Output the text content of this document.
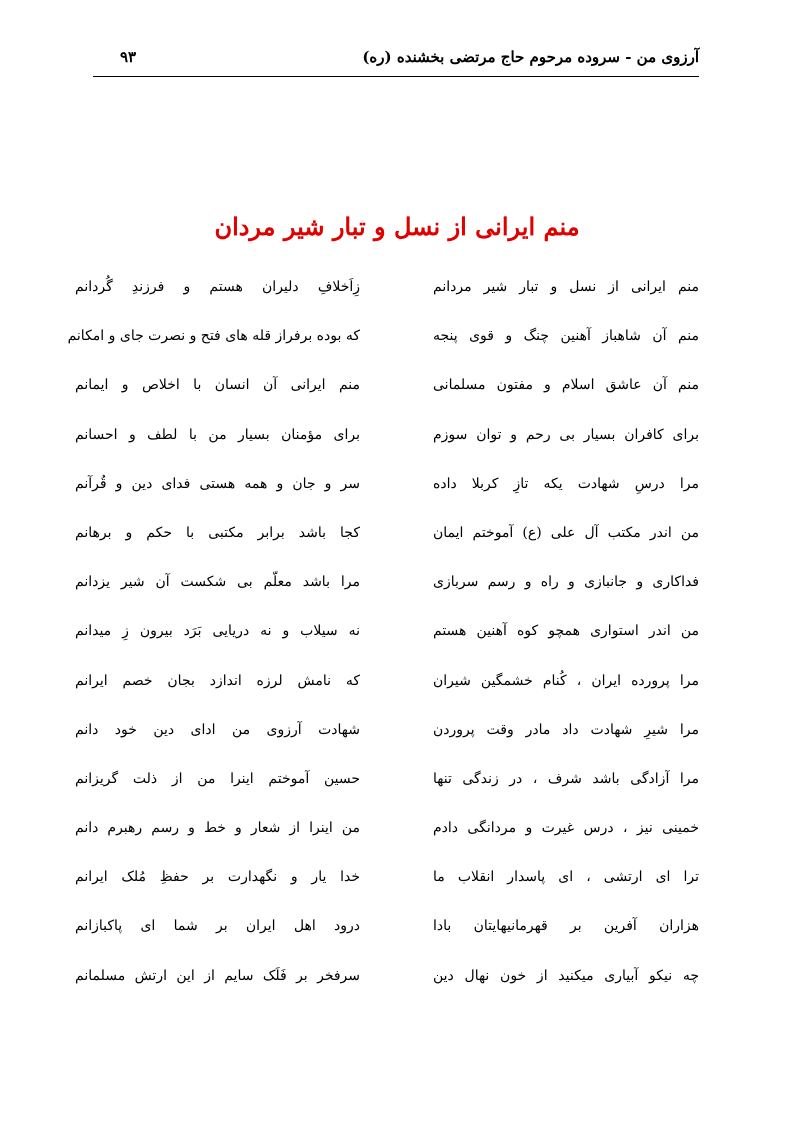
آرزوی من - سروده مرحوم حاج مرتضی بخشنده (ره)
۹۳
منم ایرانی از نسل و تبار شیر مردان
منم ایرانی از نسل و تبار شیر مردانم
زِاَخلافِ دلیران هستم و فرزندِ گُردانم
منم آن شاهباز آهنین چنگ و قوی پنجه
که بوده برفراز قله های فتح و نصرت جای و امکانم
منم آن عاشق اسلام و مفتون مسلمانی
منم ایرانی آن انسان با اخلاص و ایمانم
برای کافران بسیار بی رحم و توان سوزم
برای مؤمنان بسیار من با لطف و احسانم
مرا درسِ شهادت یکه تازِ کربلا داده
سر و جان و همه هستی فدای دین و قُرآنم
من اندر مکتب آل علی (ع) آموختم ایمان
کجا باشد برابر مکتبی با حکم و برهانم
فداکاری و جانبازی و راه و رسم سربازی
مرا باشد معلّم بی شکست آن شیر یزدانم
من اندر استواری همچو کوه آهنین هستم
نه سیلاب و نه دریایی بَرَد بیرون زِ میدانم
مرا پرورده ایران ، کُنام خشمگین شیران
که نامش لرزه اندازد بجان خصم ایرانم
مرا شیرِ شهادت داد مادر وقت پروردن
شهادت آرزوی من ادای دین خود دانم
مرا آزادگی باشد شرف ، در زندگی تنها
حسین آموختم اینرا من از ذلت گریزانم
خمینی نیز ، درس غیرت و مردانگی دادم
من اینرا از شعار و خط و رسم رهبرم دانم
ترا ای ارتشی ، ای پاسدار انقلاب ما
خدا یار و نگهدارت بر حفظِ مُلک ایرانم
هزاران آفرین بر قهرمانیهایتان بادا
درود اهل ایران بر شما ای پاکبازانم
چه نیکو آبیاری میکنید از خون نهال دین
سرفخر بر فَلَک سایم از این ارتش مسلمانم
